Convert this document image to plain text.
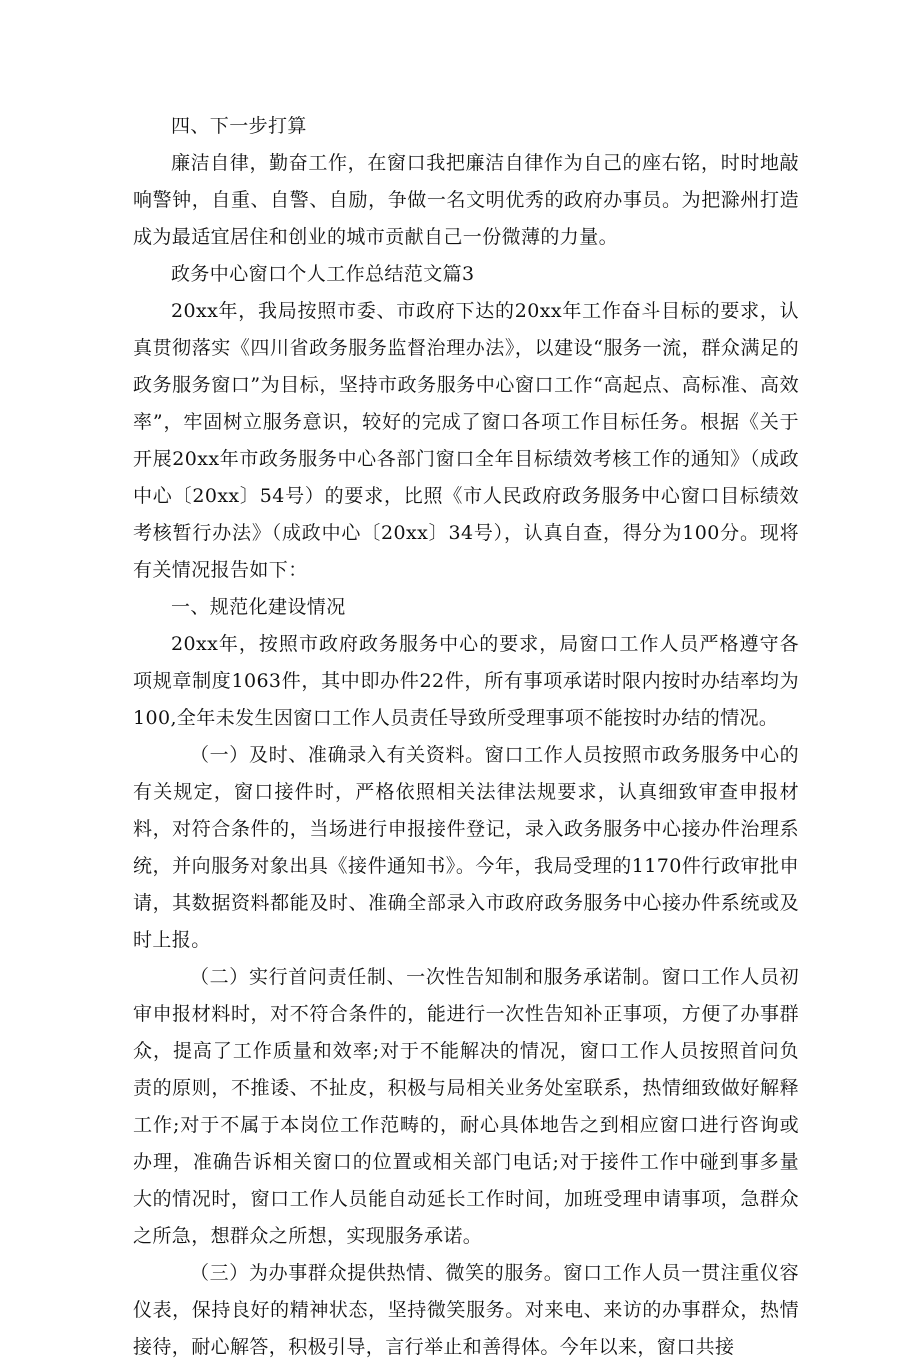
四、下一步打算

廉洁自律，勤奋工作，在窗口我把廉洁自律作为自己的座右铭，时时地敲响警钟，自重、自警、自励，争做一名文明优秀的政府办事员。为把滁州打造成为最适宜居住和创业的城市贡献自己一份微薄的力量。

政务中心窗口个人工作总结范文篇3

20xx年，我局按照市委、市政府下达的20xx年工作奋斗目标的要求，认真贯彻落实《四川省政务服务监督治理办法》，以建设“服务一流，群众满足的政务服务窗口”为目标，坚持市政务服务中心窗口工作“高起点、高标准、高效率”，牢固树立服务意识，较好的完成了窗口各项工作目标任务。根据《关于开展20xx年市政务服务中心各部门窗口全年目标绩效考核工作的通知》（成政中心〔20xx〕54号）的要求，比照《市人民政府政务服务中心窗口目标绩效考核暂行办法》（成政中心〔20xx〕34号），认真自查，得分为100分。现将有关情况报告如下：

一、规范化建设情况

20xx年，按照市政府政务服务中心的要求，局窗口工作人员严格遵守各项规章制度1063件，其中即办件22件，所有事项承诺时限内按时办结率均为100,全年未发生因窗口工作人员责任导致所受理事项不能按时办结的情况。

（一）及时、准确录入有关资料。窗口工作人员按照市政务服务中心的有关规定，窗口接件时，严格依照相关法律法规要求，认真细致审查申报材料，对符合条件的，当场进行申报接件登记，录入政务服务中心接办件治理系统，并向服务对象出具《接件通知书》。今年，我局受理的1170件行政审批申请，其数据资料都能及时、准确全部录入市政府政务服务中心接办件系统或及时上报。

（二）实行首问责任制、一次性告知制和服务承诺制。窗口工作人员初审申报材料时，对不符合条件的，能进行一次性告知补正事项，方便了办事群众，提高了工作质量和效率;对于不能解决的情况，窗口工作人员按照首问负责的原则，不推诿、不扯皮，积极与局相关业务处室联系，热情细致做好解释工作;对于不属于本岗位工作范畴的，耐心具体地告之到相应窗口进行咨询或办理，准确告诉相关窗口的位置或相关部门电话;对于接件工作中碰到事多量大的情况时，窗口工作人员能自动延长工作时间，加班受理申请事项，急群众之所急，想群众之所想，实现服务承诺。

（三）为办事群众提供热情、微笑的服务。窗口工作人员一贯注重仪容仪表，保持良好的精神状态，坚持微笑服务。对来电、来访的办事群众，热情接待，耐心解答，积极引导，言行举止和善得体。今年以来，窗口共接
